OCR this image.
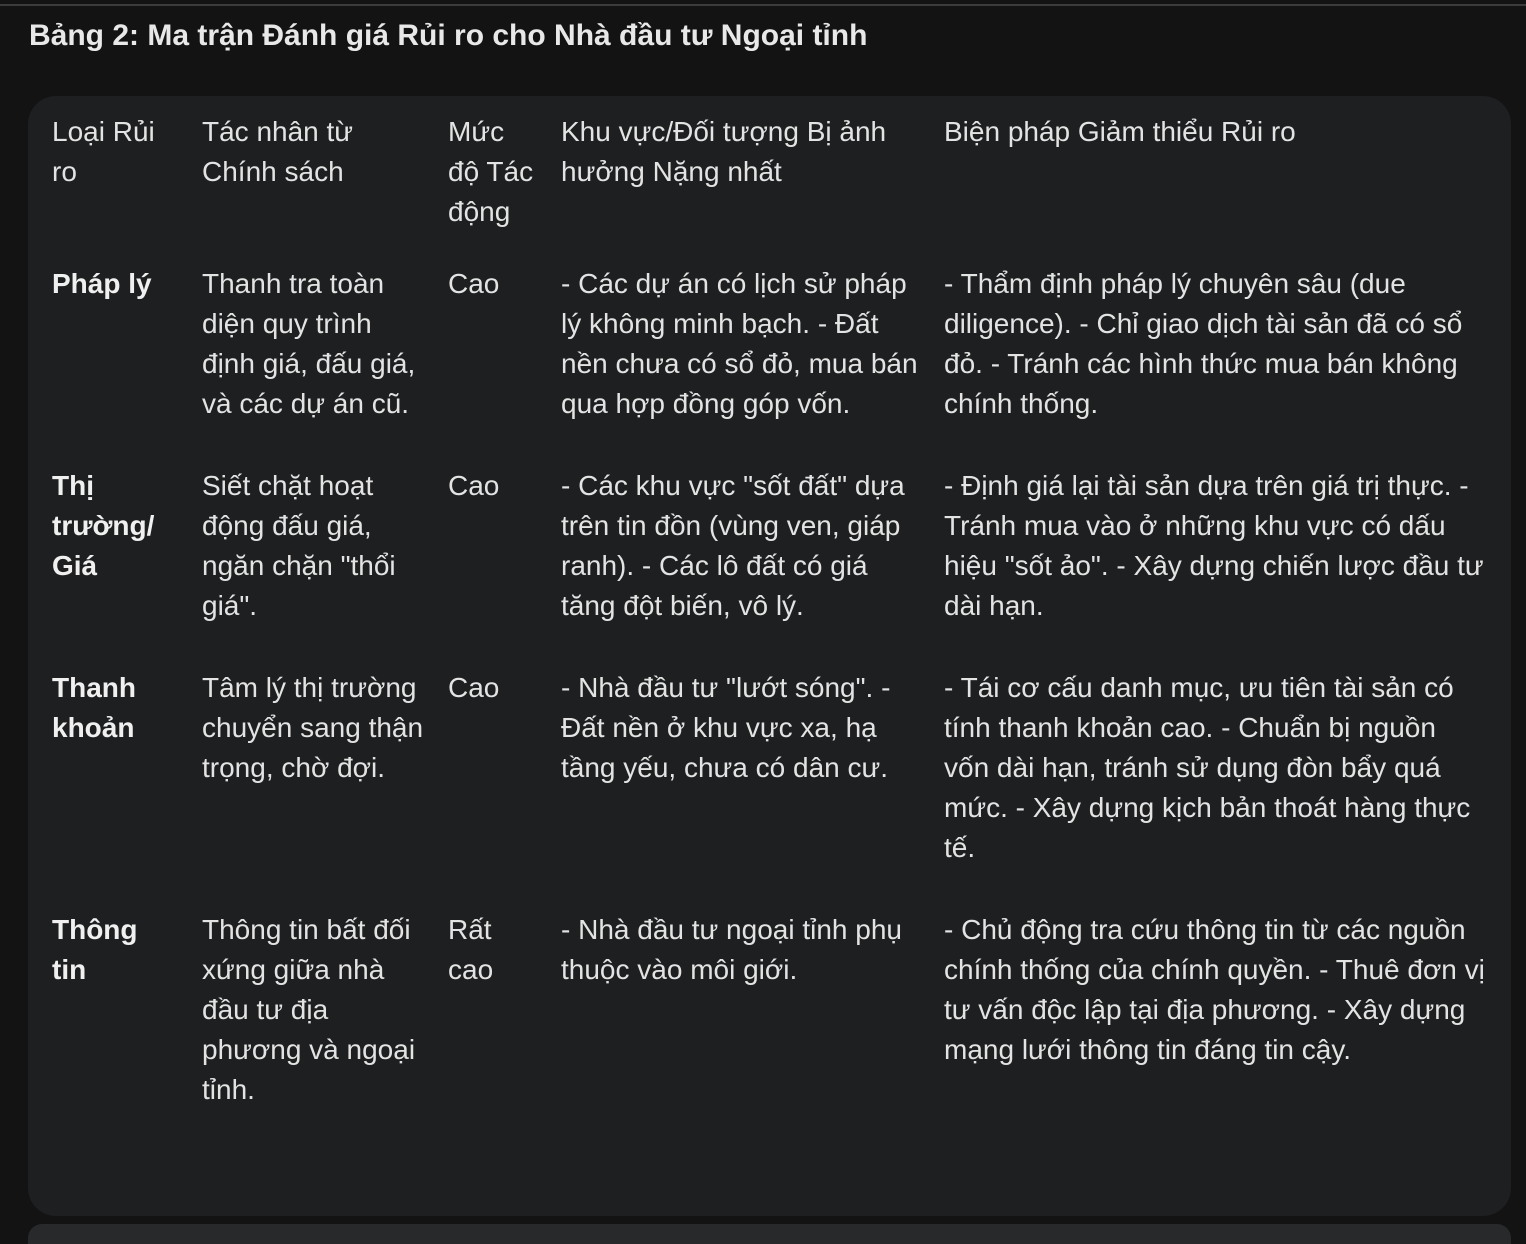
Bảng 2: Ma trận Đánh giá Rủi ro cho Nhà đầu tư Ngoại tỉnh
Loại Rủi ro	Tác nhân từ Chính sách	Mức độ Tác động	Khu vực/Đối tượng Bị ảnh hưởng Nặng nhất	Biện pháp Giảm thiểu Rủi ro
Pháp lý	Thanh tra toàn diện quy trình định giá, đấu giá, và các dự án cũ.	Cao	- Các dự án có lịch sử pháp lý không minh bạch. - Đất nền chưa có sổ đỏ, mua bán qua hợp đồng góp vốn.	- Thẩm định pháp lý chuyên sâu (due diligence). - Chỉ giao dịch tài sản đã có sổ đỏ. - Tránh các hình thức mua bán không chính thống.
Thị trường/ Giá	Siết chặt hoạt động đấu giá, ngăn chặn "thổi giá".	Cao	- Các khu vực "sốt đất" dựa trên tin đồn (vùng ven, giáp ranh). - Các lô đất có giá tăng đột biến, vô lý.	- Định giá lại tài sản dựa trên giá trị thực. - Tránh mua vào ở những khu vực có dấu hiệu "sốt ảo". - Xây dựng chiến lược đầu tư dài hạn.
Thanh khoản	Tâm lý thị trường chuyển sang thận trọng, chờ đợi.	Cao	- Nhà đầu tư "lướt sóng". - Đất nền ở khu vực xa, hạ tầng yếu, chưa có dân cư.	- Tái cơ cấu danh mục, ưu tiên tài sản có tính thanh khoản cao. - Chuẩn bị nguồn vốn dài hạn, tránh sử dụng đòn bẩy quá mức. - Xây dựng kịch bản thoát hàng thực tế.
Thông tin	Thông tin bất đối xứng giữa nhà đầu tư địa phương và ngoại tỉnh.	Rất cao	- Nhà đầu tư ngoại tỉnh phụ thuộc vào môi giới.	- Chủ động tra cứu thông tin từ các nguồn chính thống của chính quyền. - Thuê đơn vị tư vấn độc lập tại địa phương. - Xây dựng mạng lưới thông tin đáng tin cậy.
